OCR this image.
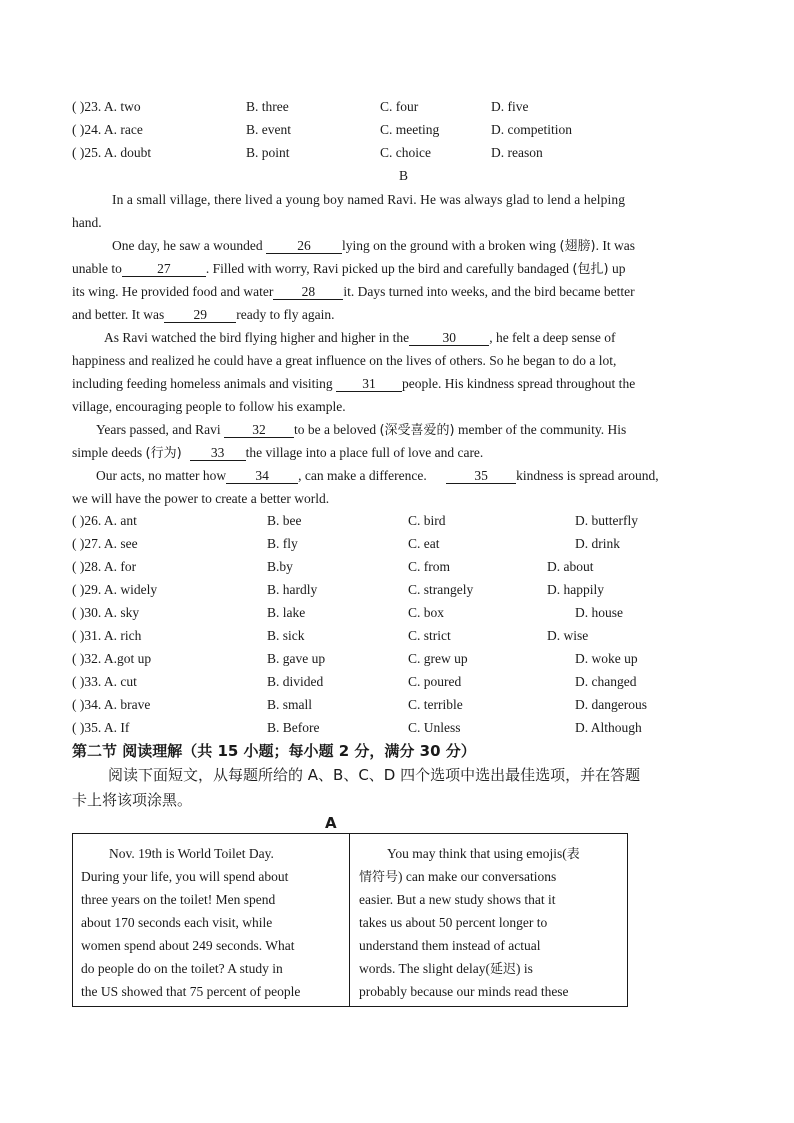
( )23. A. two	B. three	C. four	D. five
( )24. A. race	B. event	C. meeting	D. competition
( )25. A. doubt	B. point	C. choice	D. reason
B
In a small village, there lived a young boy named Ravi. He was always glad to lend a helping
hand.
One day, he saw a wounded 26 lying on the ground with a broken wing (翅膀). It was
unable to	27	. Filled with worry, Ravi picked up the bird and carefully bandaged (包扎) up
its wing. He provided food and water 28 it. Days turned into weeks, and the bird became better
and better. It was 29 ready to fly again.
As Ravi watched the bird flying higher and higher in the 30 , he felt a deep sense of
happiness and realized he could have a great influence on the lives of others. So he began to do a lot,
including feeding homeless animals and visiting 31 people. His kindness spread throughout the
village, encouraging people to follow his example.
Years passed, and Ravi 32 to be a beloved (深受喜爱的) member of the community. His
simple deeds (行为) 33 the village into a place full of love and care.
Our acts, no matter how 34 , can make a difference.	35 kindness is spread around,
we will have the power to create a better world.
( )26. A. ant	B. bee	C. bird	D. butterfly
( )27. A. see	B. fly	C. eat	D. drink
( )28. A. for	B.by	C. from	D. about
( )29. A. widely	B. hardly	C. strangely	D. happily
( )30. A. sky	B. lake	C. box	D. house
( )31. A. rich	B. sick	C. strict	D. wise
( )32. A.got up	B. gave up	C. grew up	D. woke up
( )33. A. cut	B. divided	C. poured	D. changed
( )34. A. brave	B. small	C. terrible	D. dangerous
( )35. A. If	B. Before	C. Unless	D. Although
第二节 阅读理解（共 15 小题；每小题 2 分，满分 30 分）
阅读下面短文，从每题所给的 A、B、C、D 四个选项中选出最佳选项，并在答题
卡上将该项涂黑。
A
Nov. 19th is World Toilet Day.
During your life, you will spend about
three years on the toilet! Men spend
about 170 seconds each visit, while
women spend about 249 seconds. What
do people do on the toilet? A study in
the US showed that 75 percent of people
You may think that using emojis(表
情符号) can make our conversations
easier. But a new study shows that it
takes us about 50 percent longer to
understand them instead of actual
words. The slight delay(延迟) is
probably because our minds read these
